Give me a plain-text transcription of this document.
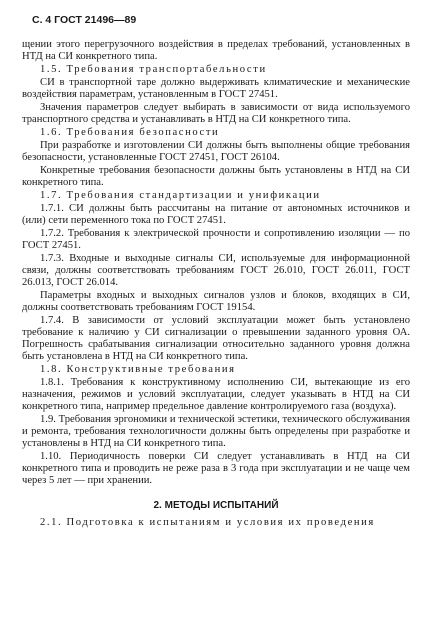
С. 4 ГОСТ 21496—89

щении этого перегрузочного воздействия в пределах требований, установленных в НТД на СИ конкретного типа.

1.5. Требования транспортабельности

СИ в транспортной таре должно выдерживать климатические и механические воздействия параметрам, установленным в ГОСТ 27451.

Значения параметров следует выбирать в зависимости от вида используемого транспортного средства и устанавливать в НТД на СИ конкретного типа.

1.6. Требования безопасности

При разработке и изготовлении СИ должны быть выполнены общие требования безопасности, установленные ГОСТ 27451, ГОСТ 26104.

Конкретные требования безопасности должны быть установлены в НТД на СИ конкретного типа.

1.7. Требования стандартизации и унификации

1.7.1. СИ должны быть рассчитаны на питание от автономных источников и (или) сети переменного тока по ГОСТ 27451.

1.7.2. Требования к электрической прочности и сопротивлению изоляции — по ГОСТ 27451.

1.7.3. Входные и выходные сигналы СИ, используемые для информационной связи, должны соответствовать требованиям ГОСТ 26.010, ГОСТ 26.011, ГОСТ 26.013, ГОСТ 26.014.

Параметры входных и выходных сигналов узлов и блоков, входящих в СИ, должны соответствовать требованиям ГОСТ 19154.

1.7.4. В зависимости от условий эксплуатации может быть установлено требование к наличию у СИ сигнализации о превышении заданного уровня ОА. Погрешность срабатывания сигнализации относительно заданного уровня должна быть установлена в НТД на СИ конкретного типа.

1.8. Конструктивные требования

1.8.1. Требования к конструктивному исполнению СИ, вытекающие из его назначения, режимов и условий эксплуатации, следует указывать в НТД на СИ конкретного типа, например предельное давление контролируемого газа (воздуха).

1.9. Требования эргономики и технической эстетики, технического обслуживания и ремонта, требования технологичности должны быть определены при разработке и установлены в НТД на СИ конкретного типа.

1.10. Периодичность поверки СИ следует устанавливать в НТД на СИ конкретного типа и проводить не реже раза в 3 года при эксплуатации и не чаще чем через 5 лет — при хранении.

2. МЕТОДЫ ИСПЫТАНИЙ

2.1. Подготовка к испытаниям и условия их проведения
